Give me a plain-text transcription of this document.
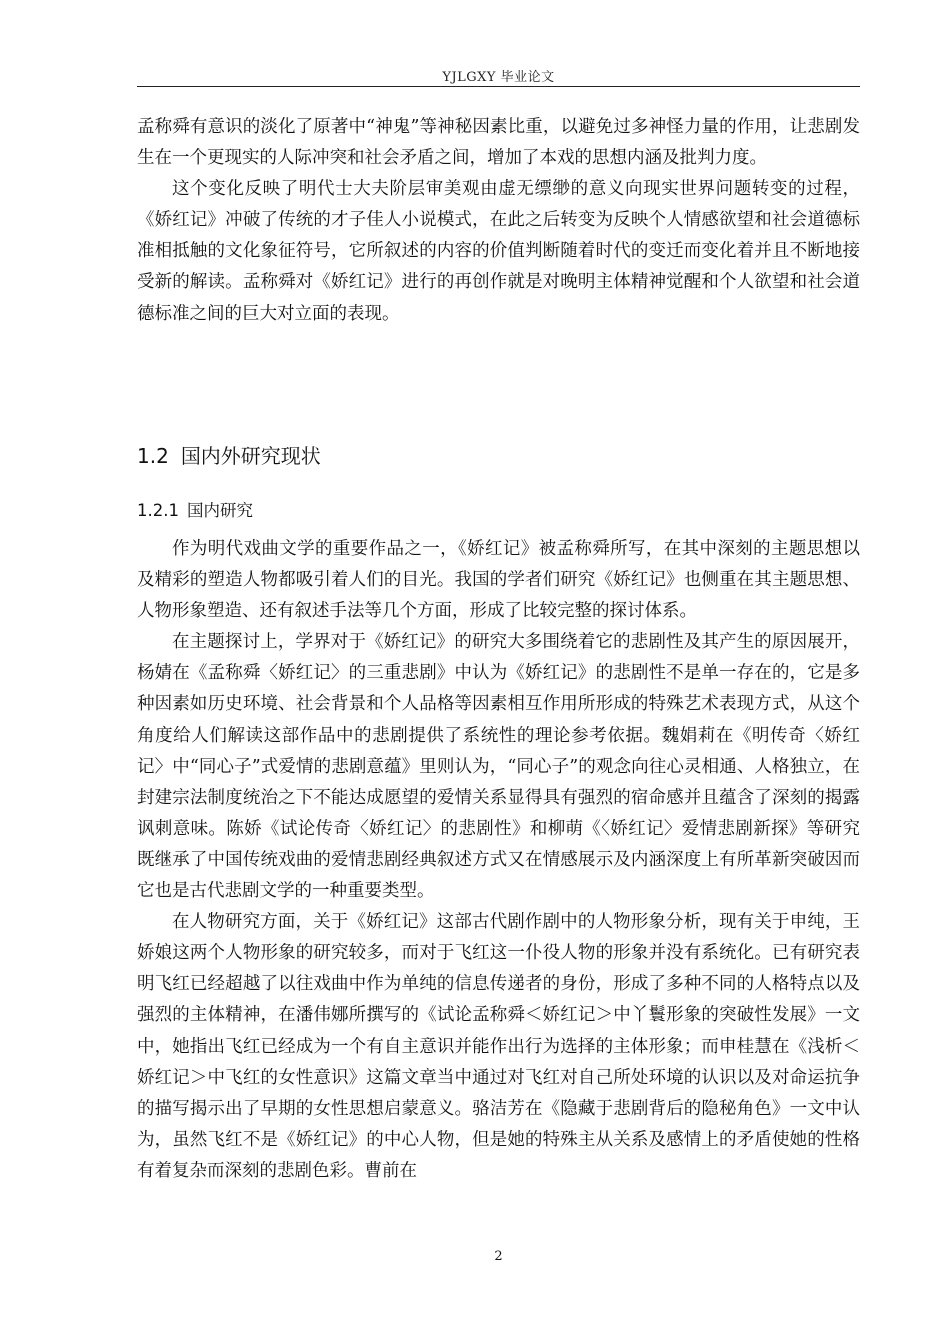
YJLGXY 毕业论文

孟称舜有意识的淡化了原著中“神鬼”等神秘因素比重，以避免过多神怪力量的作用，让悲剧发生在一个更现实的人际冲突和社会矛盾之间，增加了本戏的思想内涵及批判力度。

这个变化反映了明代士大夫阶层审美观由虚无缥缈的意义向现实世界问题转变的过程，《娇红记》冲破了传统的才子佳人小说模式，在此之后转变为反映个人情感欲望和社会道德标准相抵触的文化象征符号，它所叙述的内容的价值判断随着时代的变迁而变化着并且不断地接受新的解读。孟称舜对《娇红记》进行的再创作就是对晚明主体精神觉醒和个人欲望和社会道德标准之间的巨大对立面的表现。

1.2 国内外研究现状
1.2.1 国内研究

作为明代戏曲文学的重要作品之一，《娇红记》被孟称舜所写，在其中深刻的主题思想以及精彩的塑造人物都吸引着人们的目光。我国的学者们研究《娇红记》也侧重在其主题思想、人物形象塑造、还有叙述手法等几个方面，形成了比较完整的探讨体系。

在主题探讨上，学界对于《娇红记》的研究大多围绕着它的悲剧性及其产生的原因展开，杨婧在《孟称舜〈娇红记〉的三重悲剧》中认为《娇红记》的悲剧性不是单一存在的，它是多种因素如历史环境、社会背景和个人品格等因素相互作用所形成的特殊艺术表现方式，从这个角度给人们解读这部作品中的悲剧提供了系统性的理论参考依据。魏娟莉在《明传奇〈娇红记〉中“同心子”式爱情的悲剧意蕴》里则认为，“同心子”的观念向往心灵相通、人格独立，在封建宗法制度统治之下不能达成愿望的爱情关系显得具有强烈的宿命感并且蕴含了深刻的揭露讽刺意味。陈娇《试论传奇〈娇红记〉的悲剧性》和柳萌《〈娇红记〉爱情悲剧新探》等研究既继承了中国传统戏曲的爱情悲剧经典叙述方式又在情感展示及内涵深度上有所革新突破因而它也是古代悲剧文学的一种重要类型。

在人物研究方面，关于《娇红记》这部古代剧作剧中的人物形象分析，现有关于申纯，王娇娘这两个人物形象的研究较多，而对于飞红这一仆役人物的形象并没有系统化。已有研究表明飞红已经超越了以往戏曲中作为单纯的信息传递者的身份，形成了多种不同的人格特点以及强烈的主体精神，在潘伟娜所撰写的《试论孟称舜＜娇红记＞中丫鬟形象的突破性发展》一文中，她指出飞红已经成为一个有自主意识并能作出行为选择的主体形象；而申桂慧在《浅析＜娇红记＞中飞红的女性意识》这篇文章当中通过对飞红对自己所处环境的认识以及对命运抗争的描写揭示出了早期的女性思想启蒙意义。骆洁芳在《隐藏于悲剧背后的隐秘角色》一文中认为，虽然飞红不是《娇红记》的中心人物，但是她的特殊主从关系及感情上的矛盾使她的性格有着复杂而深刻的悲剧色彩。曹前在

2
